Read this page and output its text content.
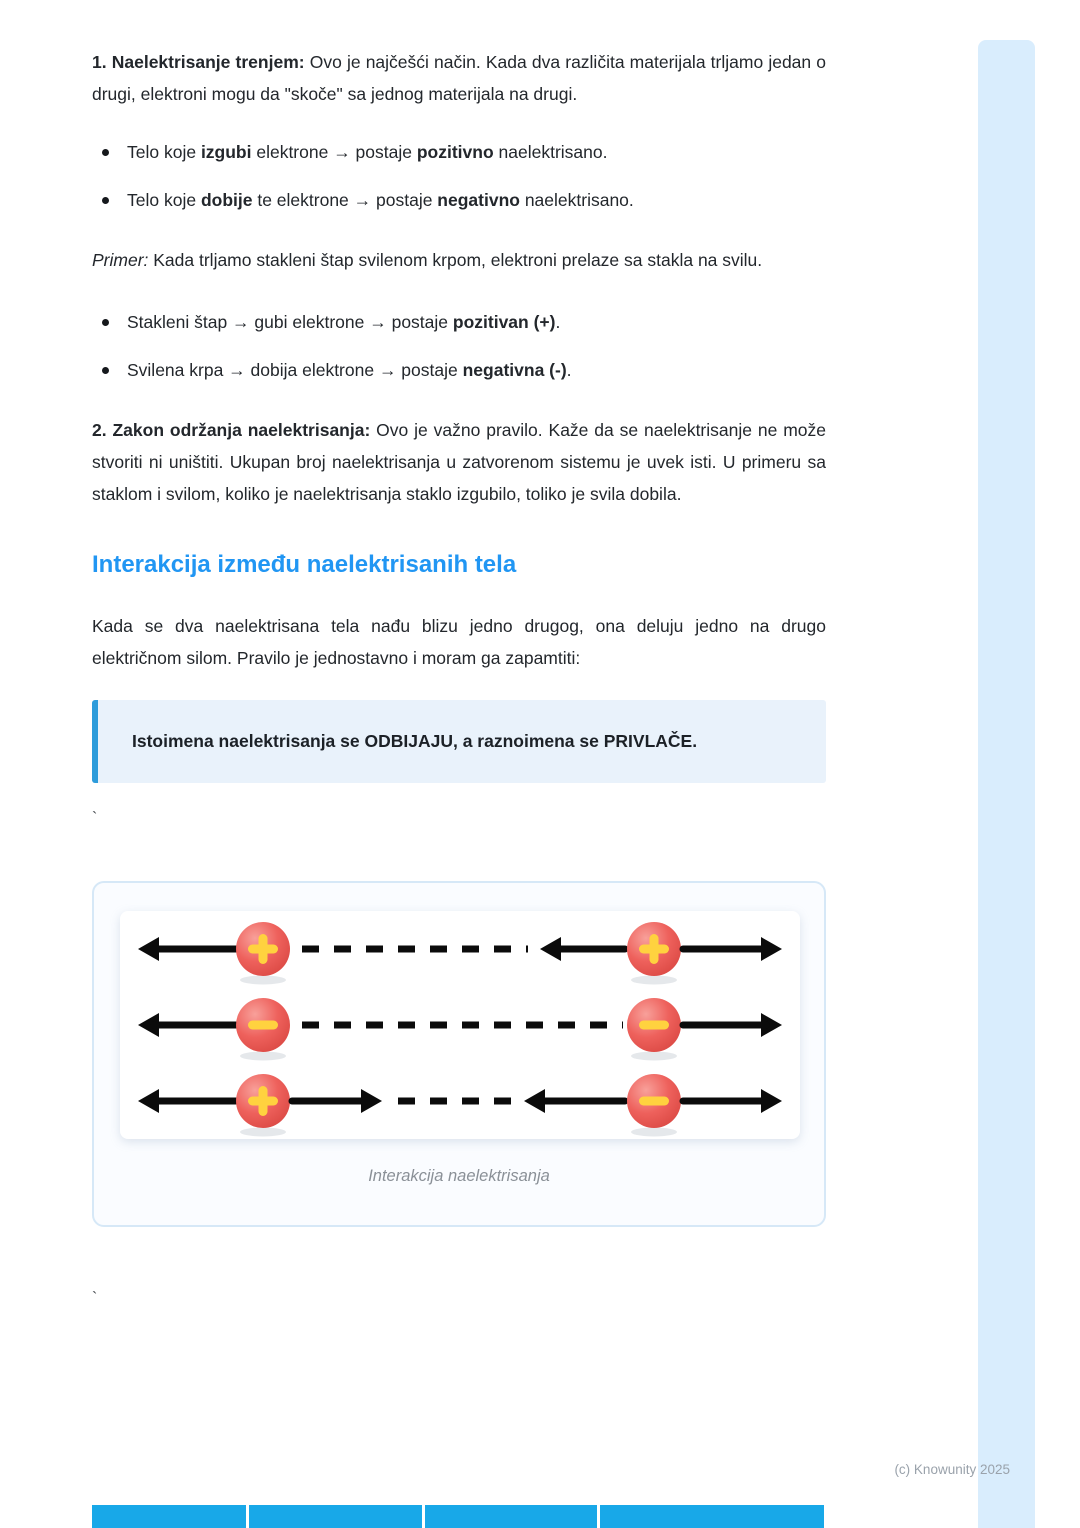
1. Naelektrisanje trenjem: Ovo je najčešći način. Kada dva različita materijala trljamo jedan o drugi, elektroni mogu da "skoče" sa jednog materijala na drugi.

Telo koje izgubi elektrone → postaje pozitivno naelektrisano.
Telo koje dobije te elektrone → postaje negativno naelektrisano.

Primer: Kada trljamo stakleni štap svilenom krpom, elektroni prelaze sa stakla na svilu.

Stakleni štap → gubi elektrone → postaje pozitivan (+).
Svilena krpa → dobija elektrone → postaje negativna (-).

2. Zakon održanja naelektrisanja: Ovo je važno pravilo. Kaže da se naelektrisanje ne može stvoriti ni uništiti. Ukupan broj naelektrisanja u zatvorenom sistemu je uvek isti. U primeru sa staklom i svilom, koliko je naelektrisanja staklo izgubilo, toliko je svila dobila.

Interakcija između naelektrisanih tela

Kada se dva naelektrisana tela nađu blizu jedno drugog, ona deluju jedno na drugo električnom silom. Pravilo je jednostavno i moram ga zapamtiti:

Istoimena naelektrisanja se ODBIJAJU, a raznoimena se PRIVLAČE.
`
Interakcija naelektrisanja
`
(c) Knowunity 2025
